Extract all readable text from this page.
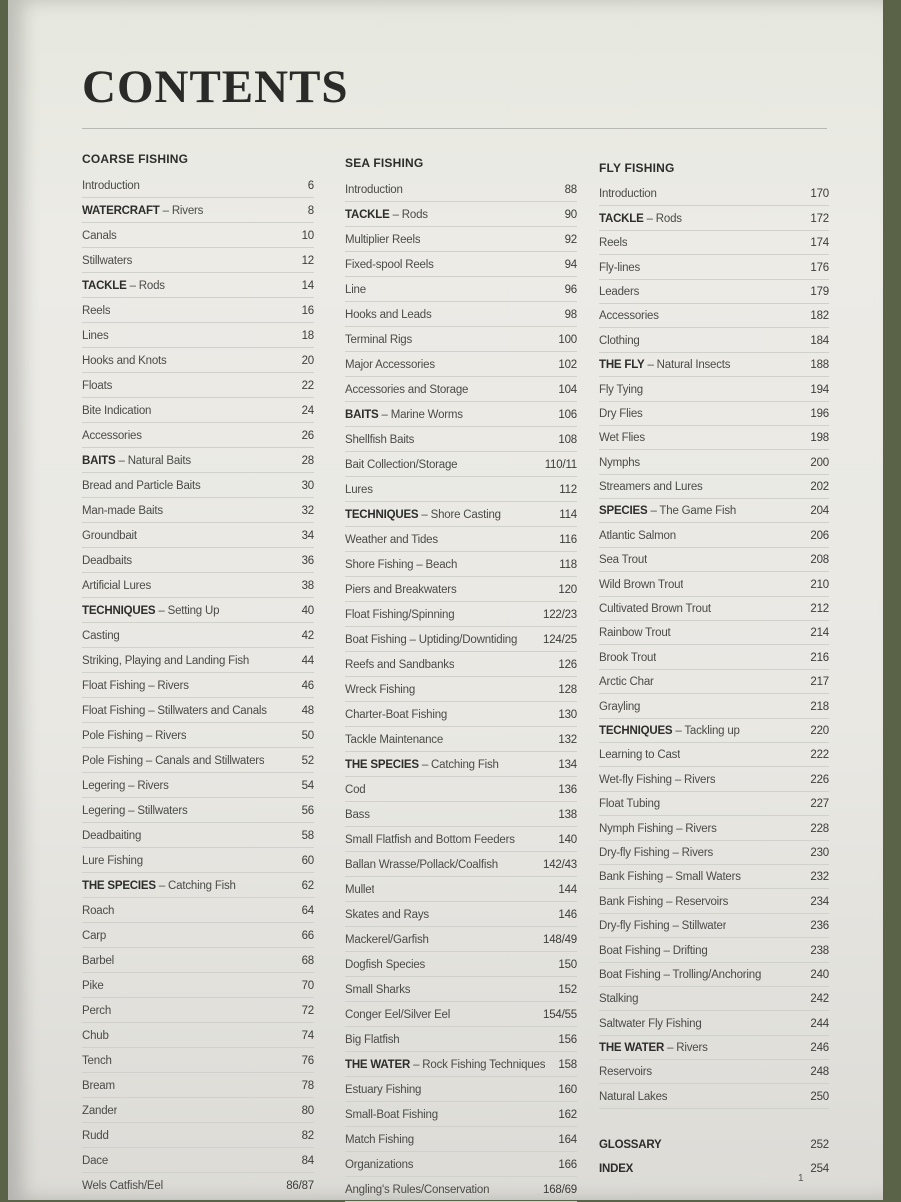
CONTENTS
COARSE FISHING
Introduction	6
WATERCRAFT – Rivers	8
Canals	10
Stillwaters	12
TACKLE – Rods	14
Reels	16
Lines	18
Hooks and Knots	20
Floats	22
Bite Indication	24
Accessories	26
BAITS – Natural Baits	28
Bread and Particle Baits	30
Man-made Baits	32
Groundbait	34
Deadbaits	36
Artificial Lures	38
TECHNIQUES – Setting Up	40
Casting	42
Striking, Playing and Landing Fish	44
Float Fishing – Rivers	46
Float Fishing – Stillwaters and Canals	48
Pole Fishing – Rivers	50
Pole Fishing – Canals and Stillwaters	52
Legering – Rivers	54
Legering – Stillwaters	56
Deadbaiting	58
Lure Fishing	60
THE SPECIES – Catching Fish	62
Roach	64
Carp	66
Barbel	68
Pike	70
Perch	72
Chub	74
Tench	76
Bream	78
Zander	80
Rudd	82
Dace	84
Wels Catfish/Eel	86/87
SEA FISHING
Introduction	88
TACKLE – Rods	90
Multiplier Reels	92
Fixed-spool Reels	94
Line	96
Hooks and Leads	98
Terminal Rigs	100
Major Accessories	102
Accessories and Storage	104
BAITS – Marine Worms	106
Shellfish Baits	108
Bait Collection/Storage	110/11
Lures	112
TECHNIQUES – Shore Casting	114
Weather and Tides	116
Shore Fishing – Beach	118
Piers and Breakwaters	120
Float Fishing/Spinning	122/23
Boat Fishing – Uptiding/Downtiding	124/25
Reefs and Sandbanks	126
Wreck Fishing	128
Charter-Boat Fishing	130
Tackle Maintenance	132
THE SPECIES – Catching Fish	134
Cod	136
Bass	138
Small Flatfish and Bottom Feeders	140
Ballan Wrasse/Pollack/Coalfish	142/43
Mullet	144
Skates and Rays	146
Mackerel/Garfish	148/49
Dogfish Species	150
Small Sharks	152
Conger Eel/Silver Eel	154/55
Big Flatfish	156
THE WATER – Rock Fishing Techniques	158
Estuary Fishing	160
Small-Boat Fishing	162
Match Fishing	164
Organizations	166
Angling's Rules/Conservation	168/69
FLY FISHING
Introduction	170
TACKLE – Rods	172
Reels	174
Fly-lines	176
Leaders	179
Accessories	182
Clothing	184
THE FLY – Natural Insects	188
Fly Tying	194
Dry Flies	196
Wet Flies	198
Nymphs	200
Streamers and Lures	202
SPECIES – The Game Fish	204
Atlantic Salmon	206
Sea Trout	208
Wild Brown Trout	210
Cultivated Brown Trout	212
Rainbow Trout	214
Brook Trout	216
Arctic Char	217
Grayling	218
TECHNIQUES – Tackling up	220
Learning to Cast	222
Wet-fly Fishing – Rivers	226
Float Tubing	227
Nymph Fishing – Rivers	228
Dry-fly Fishing – Rivers	230
Bank Fishing – Small Waters	232
Bank Fishing – Reservoirs	234
Dry-fly Fishing – Stillwater	236
Boat Fishing – Drifting	238
Boat Fishing – Trolling/Anchoring	240
Stalking	242
Saltwater Fly Fishing	244
THE WATER – Rivers	246
Reservoirs	248
Natural Lakes	250
GLOSSARY	252
INDEX	254
1
